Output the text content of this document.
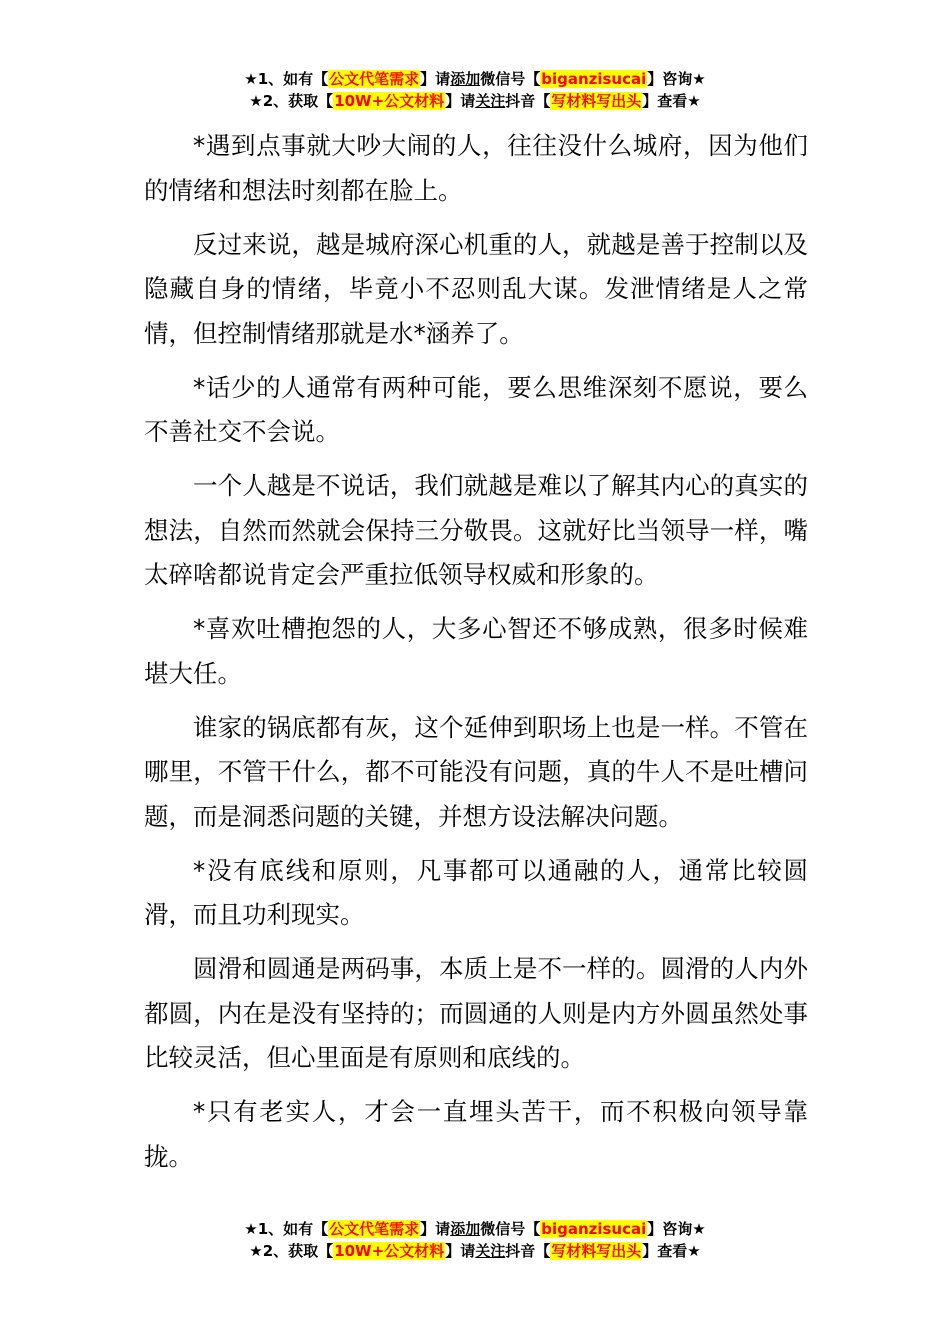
★1、如有【公文代笔需求】请添加微信号【biganzisucai】咨询★
★2、获取【10W+公文材料】请关注抖音【写材料写出头】查看★

*遇到点事就大吵大闹的人，往往没什么城府，因为他们的情绪和想法时刻都在脸上。

反过来说，越是城府深心机重的人，就越是善于控制以及隐藏自身的情绪，毕竟小不忍则乱大谋。发泄情绪是人之常情，但控制情绪那就是水*涵养了。

*话少的人通常有两种可能，要么思维深刻不愿说，要么不善社交不会说。

一个人越是不说话，我们就越是难以了解其内心的真实的想法，自然而然就会保持三分敬畏。这就好比当领导一样，嘴太碎啥都说肯定会严重拉低领导权威和形象的。

*喜欢吐槽抱怨的人，大多心智还不够成熟，很多时候难堪大任。

谁家的锅底都有灰，这个延伸到职场上也是一样。不管在哪里，不管干什么，都不可能没有问题，真的牛人不是吐槽问题，而是洞悉问题的关键，并想方设法解决问题。

*没有底线和原则，凡事都可以通融的人，通常比较圆滑，而且功利现实。

圆滑和圆通是两码事，本质上是不一样的。圆滑的人内外都圆，内在是没有坚持的；而圆通的人则是内方外圆虽然处事比较灵活，但心里面是有原则和底线的。

*只有老实人，才会一直埋头苦干，而不积极向领导靠拢。

★1、如有【公文代笔需求】请添加微信号【biganzisucai】咨询★
★2、获取【10W+公文材料】请关注抖音【写材料写出头】查看★
